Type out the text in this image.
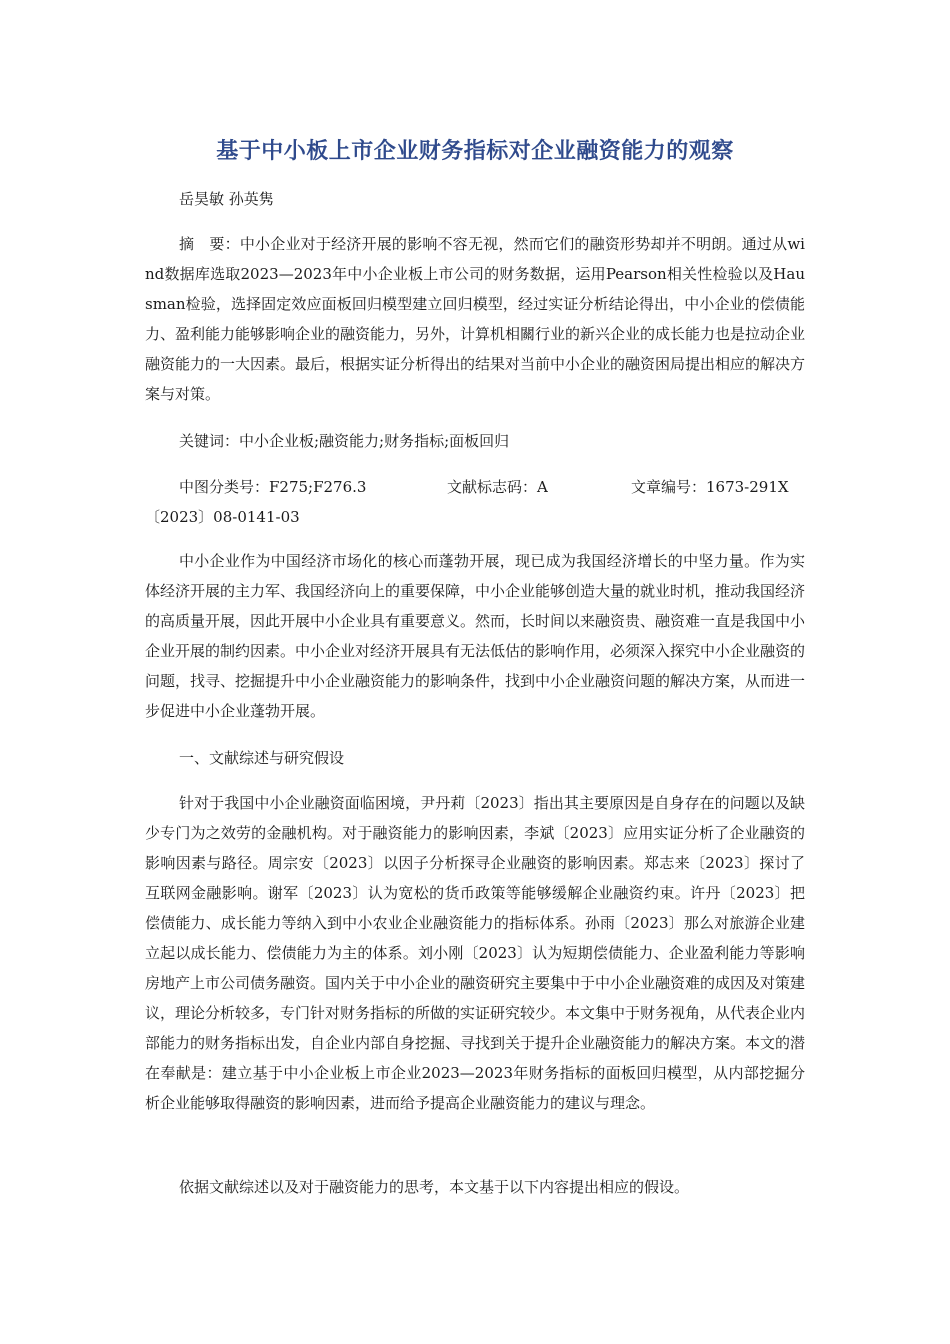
基于中小板上市企业财务指标对企业融资能力的观察
岳昊敏 孙英隽
摘　要：中小企业对于经济开展的影响不容无视，然而它们的融资形势却并不明朗。通过从wind数据库选取2023—2023年中小企业板上市公司的财务数据，运用Pearson相关性检验以及Hausman检验，选择固定效应面板回归模型建立回归模型，经过实证分析结论得出，中小企业的偿债能力、盈利能力能够影响企业的融资能力，另外，计算机相關行业的新兴企业的成长能力也是拉动企业融资能力的一大因素。最后，根据实证分析得出的结果对当前中小企业的融资困局提出相应的解决方案与对策。
关键词：中小企业板;融资能力;财务指标;面板回归
中图分类号：F275;F276.3	文献标志码：A	文章编号：1673-291X
〔2023〕08-0141-03
中小企业作为中国经济市场化的核心而蓬勃开展，现已成为我国经济增长的中坚力量。作为实体经济开展的主力军、我国经济向上的重要保障，中小企业能够创造大量的就业时机，推动我国经济的高质量开展，因此开展中小企业具有重要意义。然而，长时间以来融资贵、融资难一直是我国中小企业开展的制约因素。中小企业对经济开展具有无法低估的影响作用，必须深入探究中小企业融资的问题，找寻、挖掘提升中小企业融资能力的影响条件，找到中小企业融资问题的解决方案，从而进一步促进中小企业蓬勃开展。
一、文献综述与研究假设
针对于我国中小企业融资面临困境，尹丹莉〔2023〕指出其主要原因是自身存在的问题以及缺少专门为之效劳的金融机构。对于融资能力的影响因素，李斌〔2023〕应用实证分析了企业融资的影响因素与路径。周宗安〔2023〕以因子分析探寻企业融资的影响因素。郑志来〔2023〕探讨了互联网金融影响。谢军〔2023〕认为宽松的货币政策等能够缓解企业融资约束。许丹〔2023〕把偿债能力、成长能力等纳入到中小农业企业融资能力的指标体系。孙雨〔2023〕那么对旅游企业建立起以成长能力、偿债能力为主的体系。刘小刚〔2023〕认为短期偿债能力、企业盈利能力等影响房地产上市公司债务融资。国内关于中小企业的融资研究主要集中于中小企业融资难的成因及对策建议，理论分析较多，专门针对财务指标的所做的实证研究较少。本文集中于财务视角，从代表企业内部能力的财务指标出发，自企业内部自身挖掘、寻找到关于提升企业融资能力的解决方案。本文的潜在奉献是：建立基于中小企业板上市企业2023—2023年财务指标的面板回归模型，从内部挖掘分析企业能够取得融资的影响因素，进而给予提高企业融资能力的建议与理念。
依据文献综述以及对于融资能力的思考，本文基于以下内容提出相应的假设。
